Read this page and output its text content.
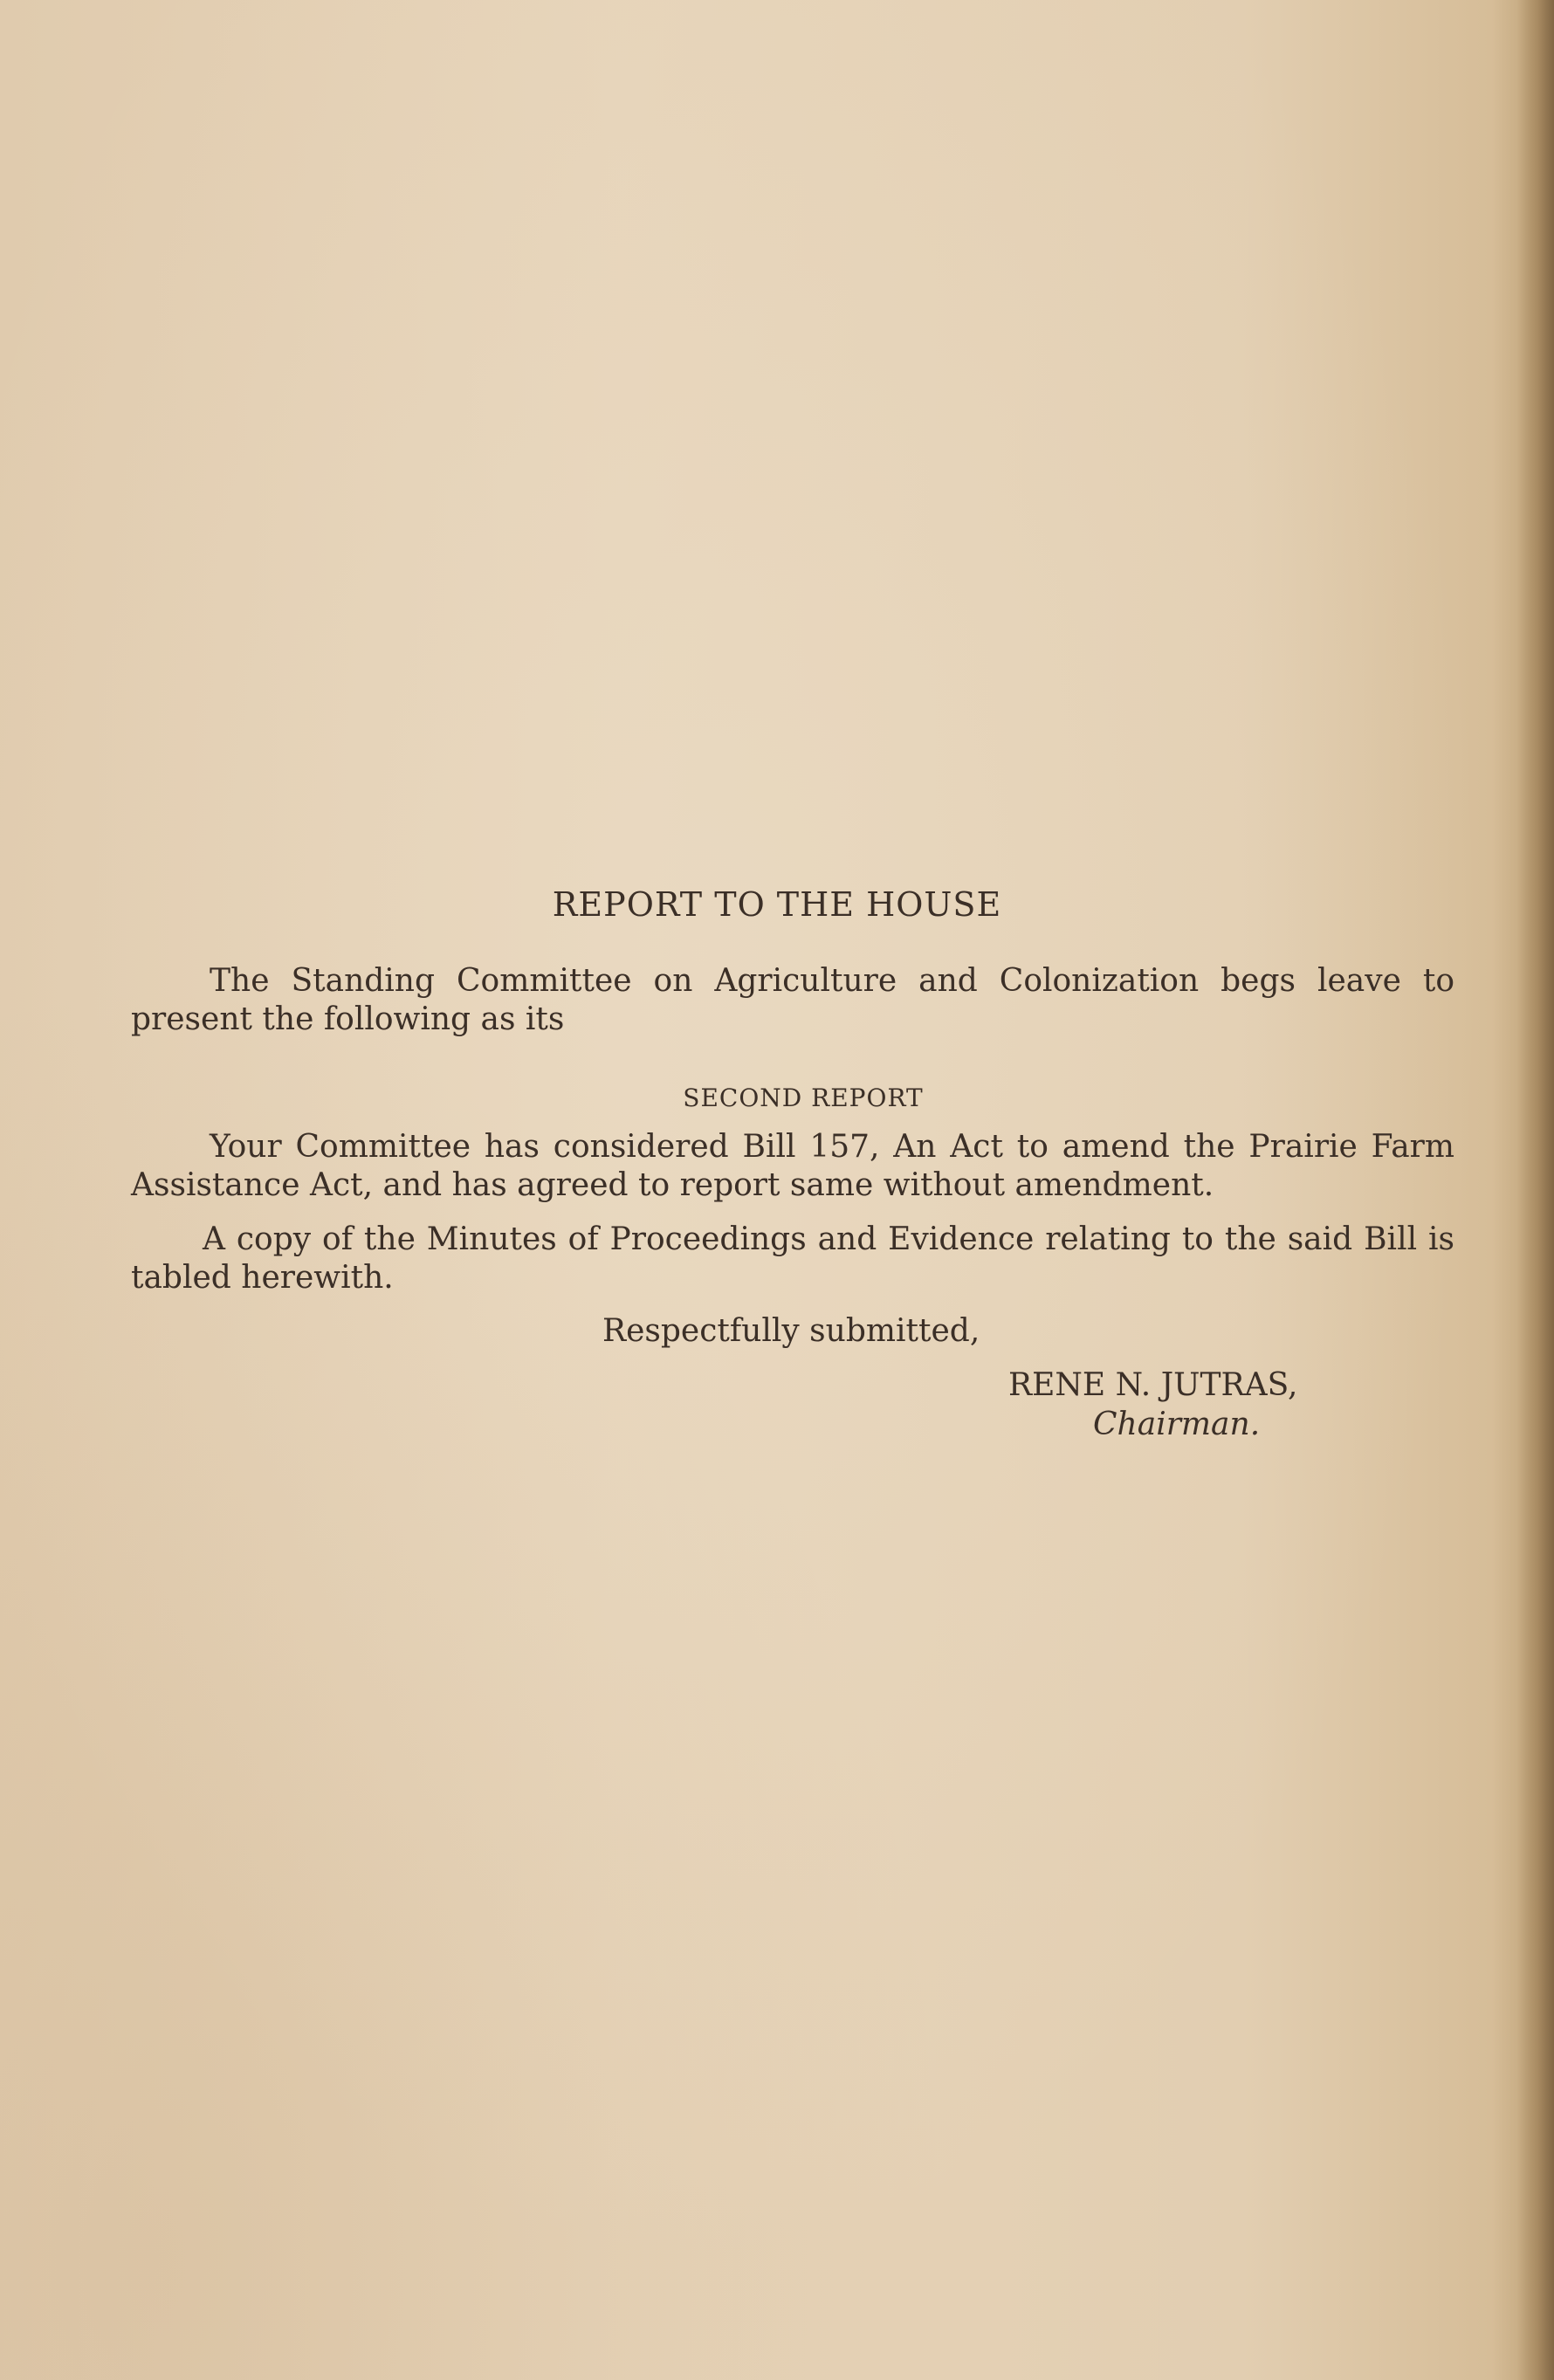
REPORT TO THE HOUSE
The Standing Committee on Agriculture and Colonization begs leave to present the following as its
SECOND REPORT
Your Committee has considered Bill 157, An Act to amend the Prairie Farm Assistance Act, and has agreed to report same without amendment.
A copy of the Minutes of Proceedings and Evidence relating to the said Bill is tabled herewith.
Respectfully submitted,
RENE N. JUTRAS,
Chairman.
